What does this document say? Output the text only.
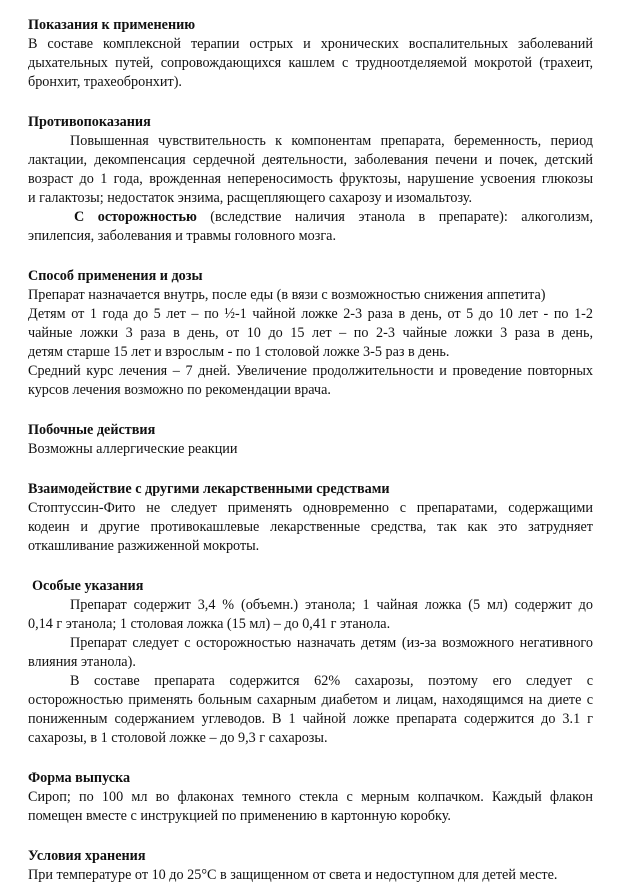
Показания к применению
В составе комплексной терапии острых и хронических воспалительных заболеваний
дыхательных путей, сопровождающихся кашлем с трудноотделяемой мокротой (трахеит,
бронхит, трахеобронхит).
Противопоказания
Повышенная чувствительность к компонентам препарата, беременность, период
лактации, декомпенсация сердечной деятельности, заболевания печени и почек, детский
возраст до 1 года, врожденная непереносимость фруктозы, нарушение усвоения глюкозы
и галактозы; недостаток энзима, расщепляющего сахарозу и изомальтозу.
С осторожностью (вследствие наличия этанола в препарате): алкоголизм,
эпилепсия, заболевания и травмы головного мозга.
Способ применения и дозы
Препарат назначается внутрь, после еды (в вязи с возможностью снижения аппетита)
Детям от 1 года до 5 лет – по ½-1 чайной ложке 2-3 раза в день, от 5 до 10 лет - по 1-2
чайные ложки 3 раза в день, от 10 до 15 лет – по 2-3 чайные ложки 3 раза в день,
детям старше 15 лет и взрослым - по 1 столовой ложке 3-5 раз в день.
Средний курс лечения – 7 дней. Увеличение продолжительности и проведение повторных
курсов лечения возможно по рекомендации врача.
Побочные действия
Возможны аллергические реакции
Взаимодействие с другими лекарственными средствами
Стоптуссин-Фито не следует применять одновременно с препаратами, содержащими
кодеин и другие противокашлевые лекарственные средства, так как это затрудняет
откашливание разжиженной мокроты.
Особые указания
Препарат содержит 3,4 % (объемн.) этанола; 1 чайная ложка (5 мл) содержит до
0,14 г этанола; 1 столовая ложка (15 мл) – до 0,41 г этанола.
Препарат следует с осторожностью назначать детям (из-за возможного негативного
влияния этанола).
В составе препарата содержится 62% сахарозы, поэтому его следует с
осторожностью применять больным сахарным диабетом и лицам, находящимся на диете с
пониженным содержанием углеводов. В 1 чайной ложке препарата содержится до 3.1 г
сахарозы, в 1 столовой ложке – до 9,3 г сахарозы.
Форма выпуска
Сироп; по 100 мл во флаконах темного стекла с мерным колпачком. Каждый флакон
помещен вместе с инструкцией по применению в картонную коробку.
Условия хранения
При температуре от 10 до 25°C в защищенном от света и недоступном для детей месте.
